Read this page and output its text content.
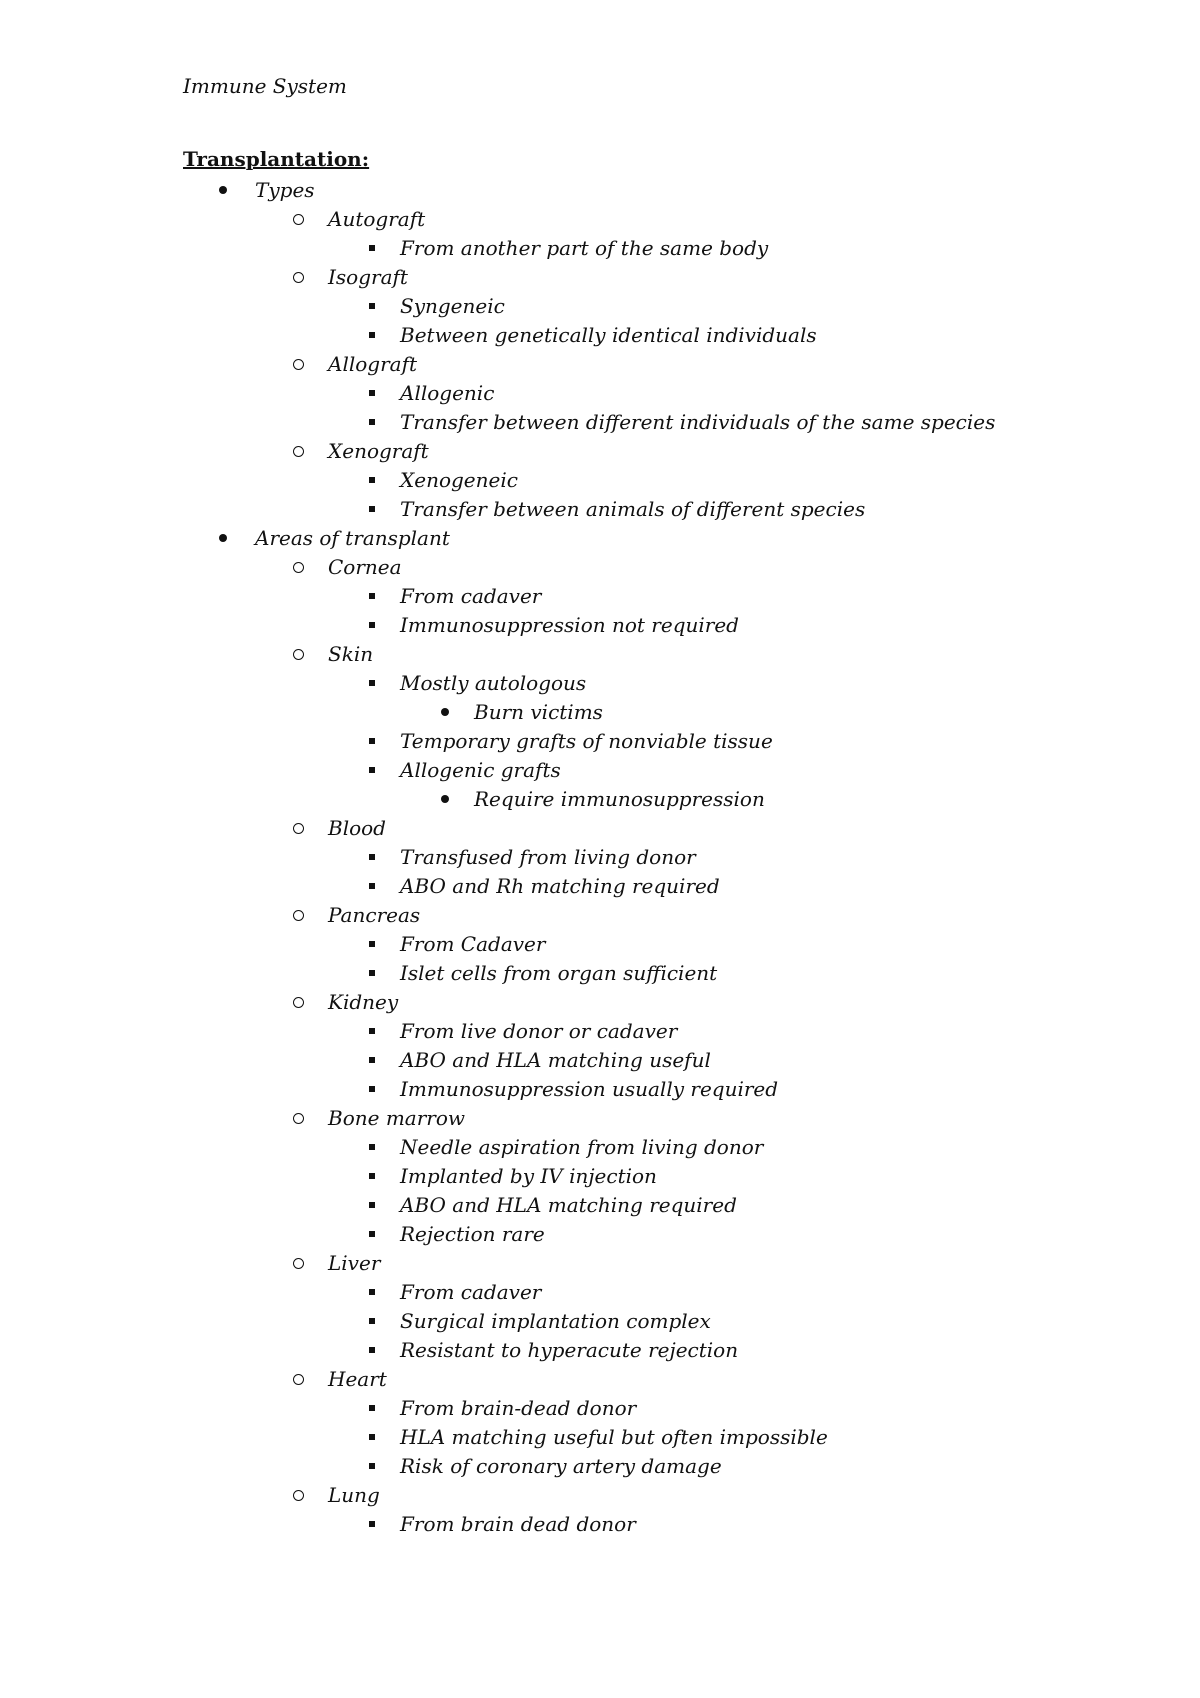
Immune System
Transplantation:
Types
Autograft
From another part of the same body
Isograft
Syngeneic
Between genetically identical individuals
Allograft
Allogenic
Transfer between different individuals of the same species
Xenograft
Xenogeneic
Transfer between animals of different species
Areas of transplant
Cornea
From cadaver
Immunosuppression not required
Skin
Mostly autologous
Burn victims
Temporary grafts of nonviable tissue
Allogenic grafts
Require immunosuppression
Blood
Transfused from living donor
ABO and Rh matching required
Pancreas
From Cadaver
Islet cells from organ sufficient
Kidney
From live donor or cadaver
ABO and HLA matching useful
Immunosuppression usually required
Bone marrow
Needle aspiration from living donor
Implanted by IV injection
ABO and HLA matching required
Rejection rare
Liver
From cadaver
Surgical implantation complex
Resistant to hyperacute rejection
Heart
From brain-dead donor
HLA matching useful but often impossible
Risk of coronary artery damage
Lung
From brain dead donor
